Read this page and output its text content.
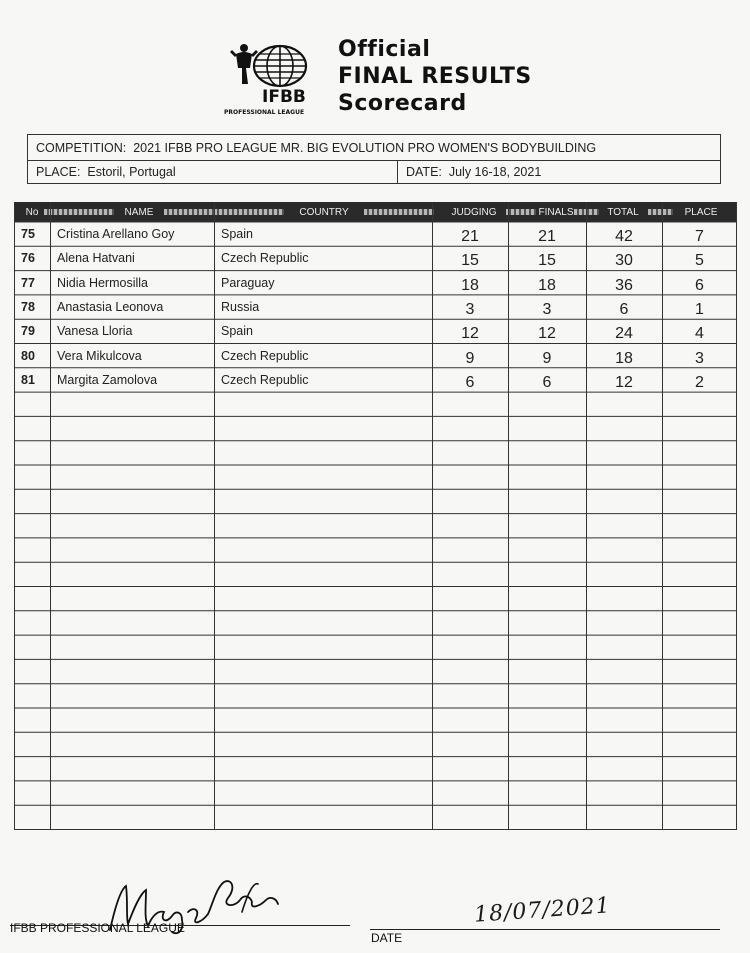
IFBB
PROFESSIONAL LEAGUE
Official
FINAL RESULTS
Scorecard
COMPETITION:
2021 IFBB PRO LEAGUE MR. BIG EVOLUTION PRO WOMEN'S BODYBUILDING
PLACE:
Estoril, Portugal	DATE:
July 16-18, 2021
No	NAME	COUNTRY	JUDGING	FINALS	TOTAL	PLACE
75	Cristina Arellano Goy	Spain	21	21	42	7
76	Alena Hatvani	Czech Republic	15	15	30	5
77	Nidia Hermosilla	Paraguay	18	18	36	6
78	Anastasia Leonova	Russia	3	3	6	1
79	Vanesa Lloria	Spain	12	12	24	4
80	Vera Mikulcova	Czech Republic	9	9	18	3
81	Margita Zamolova	Czech Republic	6	6	12	2
IFBB PROFESSIONAL LEAGUE
18/07/2021
DATE
